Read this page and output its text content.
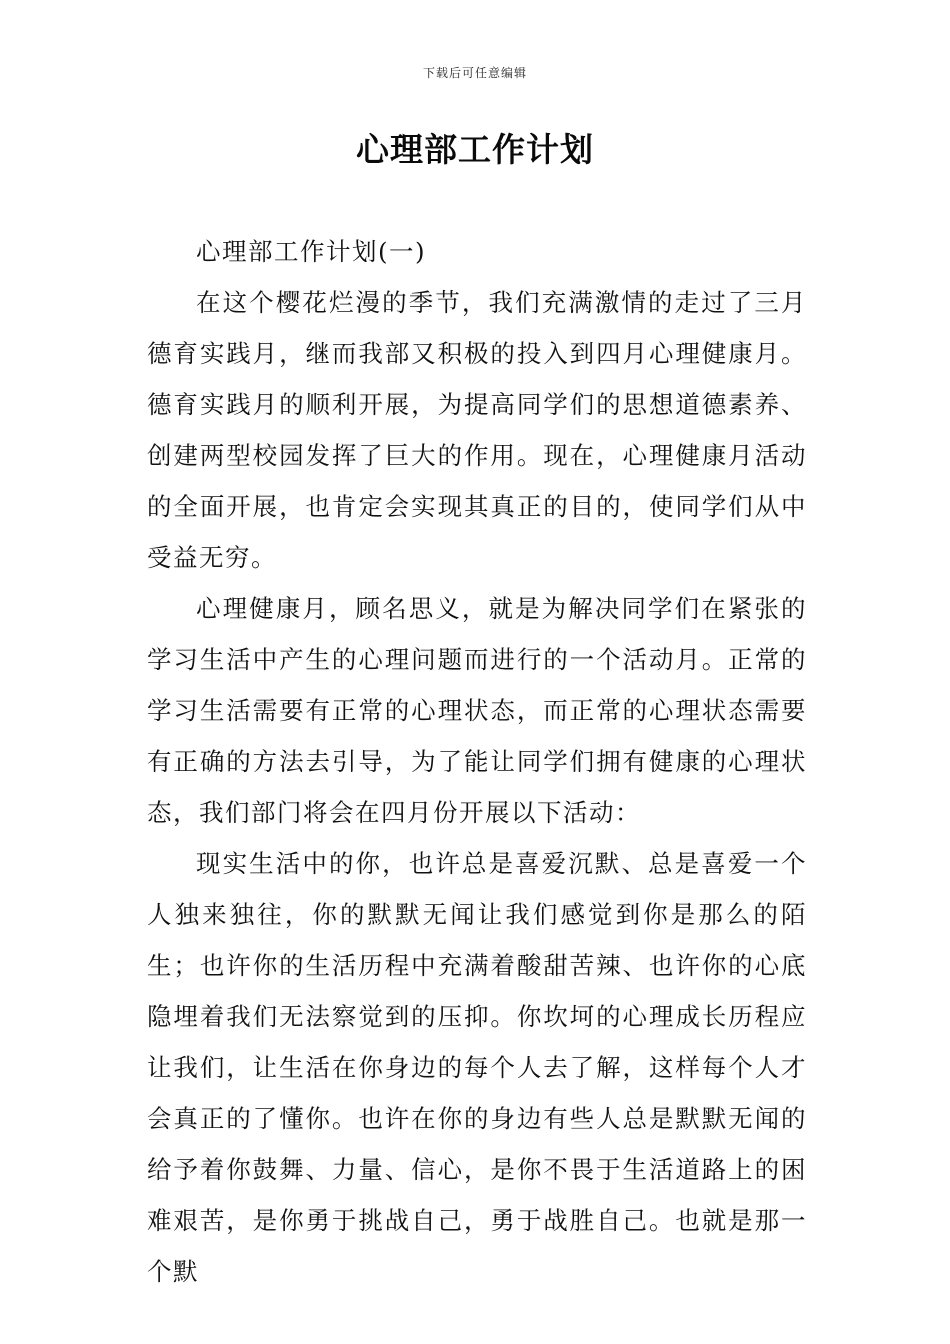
下载后可任意编辑
心理部工作计划

心理部工作计划(一)

在这个樱花烂漫的季节，我们充满激情的走过了三月德育实践月，继而我部又积极的投入到四月心理健康月。德育实践月的顺利开展，为提高同学们的思想道德素养、创建两型校园发挥了巨大的作用。现在，心理健康月活动的全面开展，也肯定会实现其真正的目的，使同学们从中受益无穷。

心理健康月，顾名思义，就是为解决同学们在紧张的学习生活中产生的心理问题而进行的一个活动月。正常的学习生活需要有正常的心理状态，而正常的心理状态需要有正确的方法去引导，为了能让同学们拥有健康的心理状态，我们部门将会在四月份开展以下活动：

现实生活中的你，也许总是喜爱沉默、总是喜爱一个人独来独往，你的默默无闻让我们感觉到你是那么的陌生；也许你的生活历程中充满着酸甜苦辣、也许你的心底隐埋着我们无法察觉到的压抑。你坎坷的心理成长历程应让我们，让生活在你身边的每个人去了解，这样每个人才会真正的了懂你。也许在你的身边有些人总是默默无闻的给予着你鼓舞、力量、信心，是你不畏于生活道路上的困难艰苦，是你勇于挑战自己，勇于战胜自己。也就是那一个默
